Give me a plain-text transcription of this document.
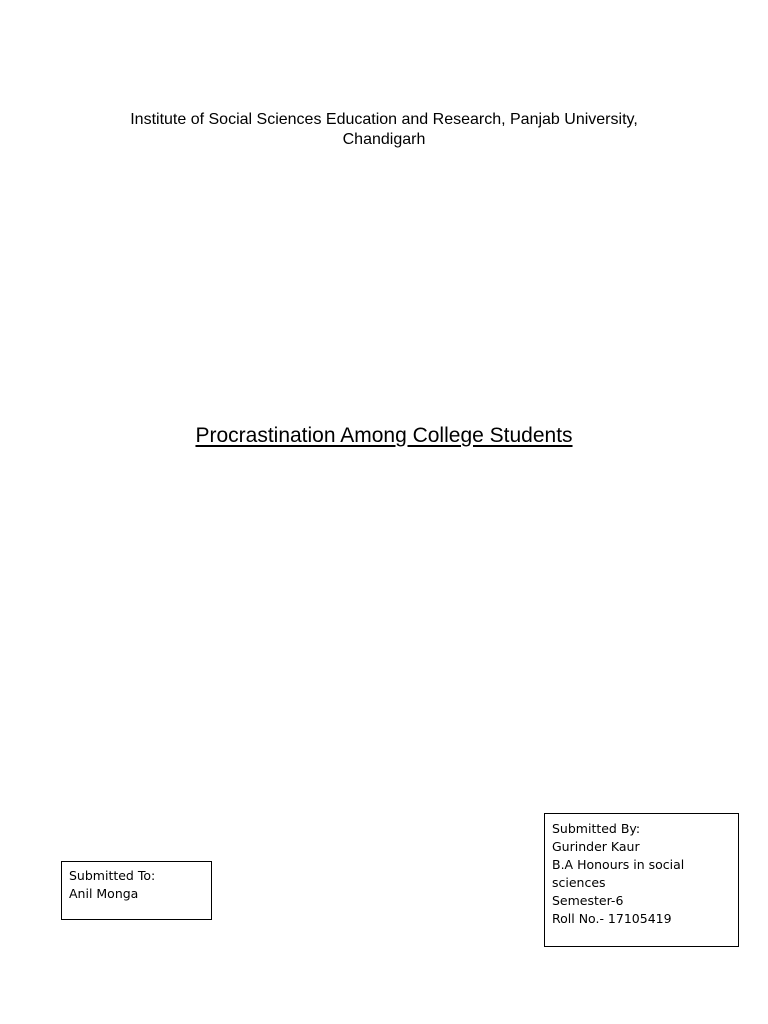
Institute of Social Sciences Education and Research, Panjab University,
Chandigarh
Procrastination Among College Students
Submitted To:
Anil Monga
Submitted By:
Gurinder Kaur
B.A Honours in social
sciences
Semester-6
Roll No.- 17105419
